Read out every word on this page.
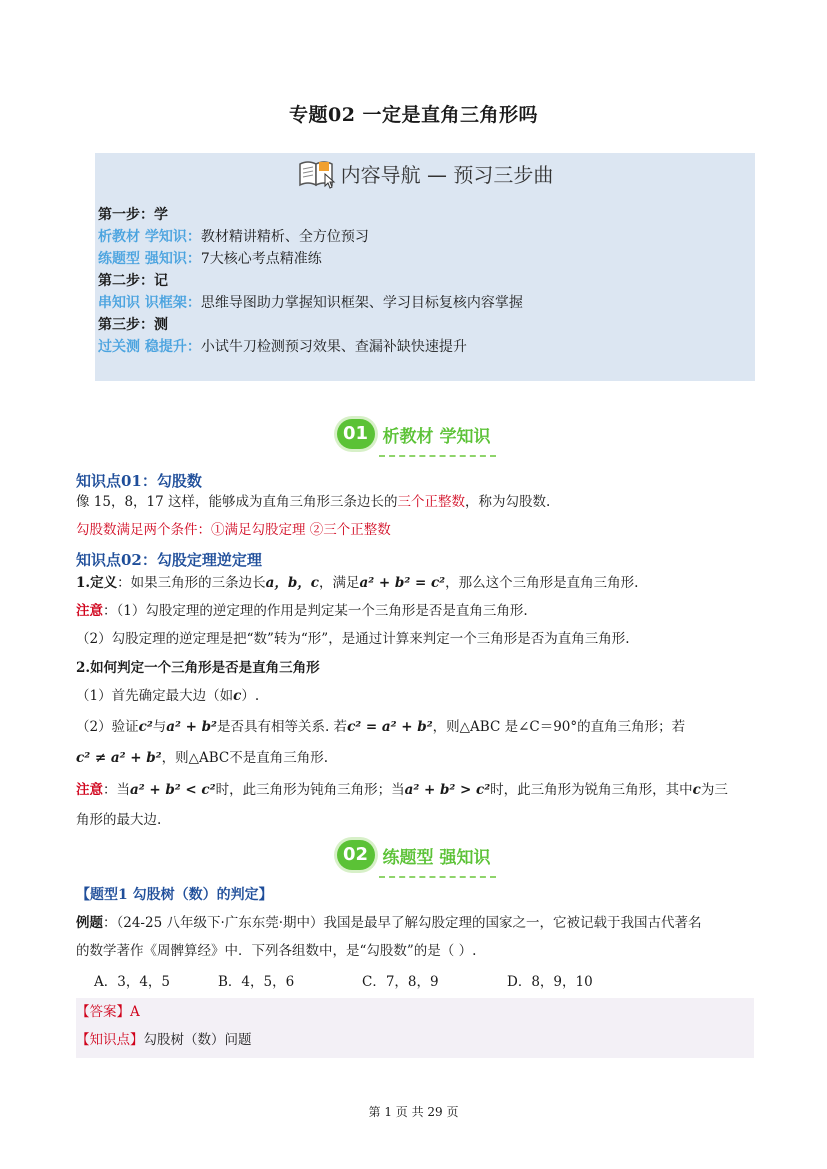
专题02 一定是直角三角形吗
内容导航 — 预习三步曲
第一步：学
析教材 学知识：教材精讲精析、全方位预习
练题型 强知识：7大核心考点精准练
第二步：记
串知识 识框架：思维导图助力掌握知识框架、学习目标复核内容掌握
第三步：测
过关测 稳提升：小试牛刀检测预习效果、查漏补缺快速提升
01 析教材 学知识
知识点01：勾股数
像 15，8，17 这样，能够成为直角三角形三条边长的三个正整数，称为勾股数.
勾股数满足两个条件：①满足勾股定理 ②三个正整数
知识点02：勾股定理逆定理
1.定义：如果三角形的三条边长a，b，c，满足a² + b² = c²，那么这个三角形是直角三角形.
注意：（1）勾股定理的逆定理的作用是判定某一个三角形是否是直角三角形.
（2）勾股定理的逆定理是把“数”转为“形”，是通过计算来判定一个三角形是否为直角三角形.
2.如何判定一个三角形是否是直角三角形
（1）首先确定最大边（如c）.
（2）验证c²与a² + b²是否具有相等关系. 若c² = a² + b²，则△ABC 是∠C＝90°的直角三角形；若
c² ≠ a² + b²，则△ABC不是直角三角形.
注意：当a² + b² < c²时，此三角形为钝角三角形；当a² + b² > c²时，此三角形为锐角三角形，其中c为三
角形的最大边.
02 练题型 强知识
【题型1 勾股树（数）的判定】
例题：（24-25 八年级下·广东东莞·期中）我国是最早了解勾股定理的国家之一，它被记载于我国古代著名
的数学著作《周髀算经》中．下列各组数中，是“勾股数”的是（ ）.
A．3，4，5	B．4，5，6	C．7，8，9	D．8，9，10
【答案】A
【知识点】勾股树（数）问题
第 1 页 共 29 页
